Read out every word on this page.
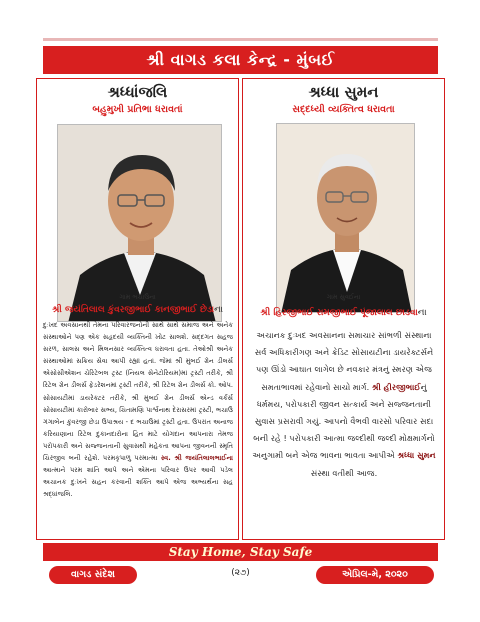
શ્રી વાગડ કલા કેન્દ્ર - મુંબઈ
શ્રધ્ધાંજલિ
બહુમુખી પ્રતિભા ધરાવતાં
ગામ ભચાઉના
શ્રી જયંતિલાલ કુંવરજીભાઈ કાનજીભાઈ છેડાના
દુઃખદ અવસાનથી તેમના પરિવારજનોની સાથે સાથે સમાજ અને અનેક સંસ્થાઓને પણ એક સહૃદયી વ્યક્તિની ખોટ સાલશે. સદ્દગત સહજ સરળ, સાલસ અને મિલનસાર વ્યક્તિત્વ ધરાવતા હતા. તેઓશ્રી અનેક સંસ્થાઓમાં સક્રિય સેવા આપી રહ્યાં હતાં. જેમાં શ્રી મુંબઈ ગ્રેન ડીલર્સ એસોસીએશન ચેરિટેબલ ટ્રસ્ટ (નિયલ સેનેટોરિયમ)માં ટ્રસ્ટી તરીકે, શ્રી રિટેલ ગ્રેન ડીલર્સ ફેડરેશનમાં ટ્રસ્ટી તરીકે, શ્રી રિટેલ ગ્રેન ડીલર્સ કો. ઓપ. સોસાયટીમાં ડાયરેક્ટર તરીકે, શ્રી મુંબઈ ગ્રેન ડીલર્સ એન્ડ વર્કર્સ સોસાયટીમાં કારોબાર સભ્ય, ચિતામણિ પાર્શ્વનાથ દેરાસરમાં ટ્રસ્ટી, ભચાઉ ગંગાબેન કુંવરજી છેડા ઉપાશ્રય - દ ભચાઉમાં ટ્રસ્ટી હતા. ઉપરાંત અનાજ કરિયાણાના રિટેલ દુકાનદારોના હિત માટે યોગદાન આપનારા તેમજ પરોપકારી અને સજ્જનતાની સુવાસથી મહેકતા આપના જીવનની સ્મૃતિ ચિરંજીવ બની રહેશે. પરમકૃપાળુ પરમાત્મા સ્વ. શ્રી જયંતિલાલભાઈના આત્માને પરમ શાંતિ આપે અને એમના પરિવાર ઉપર આવી પડેલ અચાનક દુઃખને સહન કરવાની શક્તિ આપે એજ અભ્યર્થના સહ શ્રદ્ધાંજલિ.
શ્રધ્ધા સુમન
સદ્દધ્યી વ્યક્તિત્વ ધરાવતા
ગામ સુવઈના
શ્રી હિરજીભાઈ રામજીભાઈ પૂંજાલાલ છાડવાના
અચાનક દુઃખદ અવસાનના સમાચાર સાંભળી સંસ્થાના સર્વ અધિકારીગણ અને ક્રેડિટ સોસાયટીના ડાયરેક્ટર્સને પણ ઊંડો આઘાત લાગેલ છે નવકાર મંત્રનું સ્મરણ એજ સમતાભાવમાં રહેવાનો સાચો માર્ગ. શ્રી હીરજીભાઈનું ધર્મમય, પરોપકારી જીવન સત્કાર્ય અને સજ્જનતાની સુવાસ પ્રસરાવી ગયું. આપનો વૈભવી વારસો પરિવાર સદા બની રહે ! પરોપકારી આત્મા જલ્દીથી જલ્દી મોક્ષમાર્ગનો અનુગામી બને એજ ભાવના ભાવતા આપીએ શ્રધ્ધા સુમન સંસ્થા વતીથી આજ.
Stay Home, Stay Safe
વાગડ સંદેશ	(૨૭)	એપ્રિલ-મે, ૨૦૨૦
